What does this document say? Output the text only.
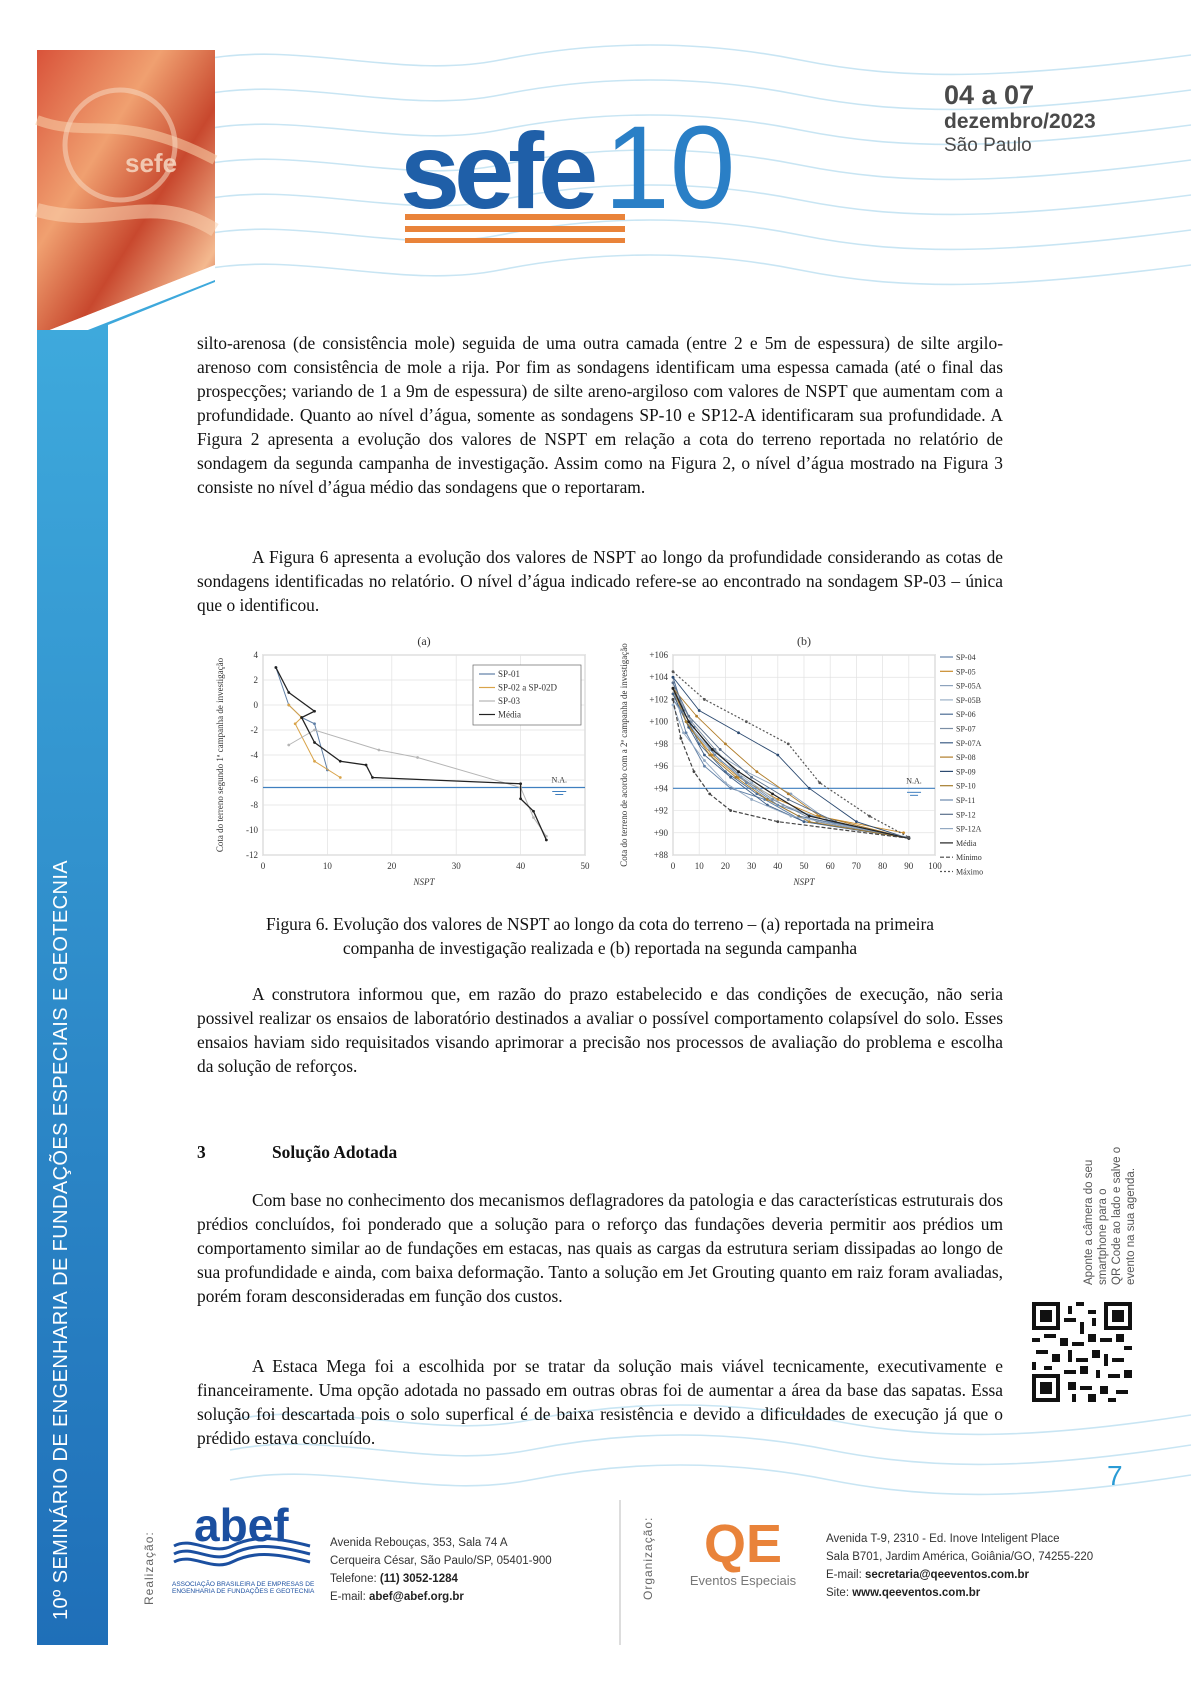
sefe sefe 10
04 a 07
dezembro/2023
São Paulo
10º SEMINÁRIO DE ENGENHARIA DE FUNDAÇÕES ESPECIAIS E GEOTECNIA

silto-arenosa (de consistência mole) seguida de uma outra camada (entre 2 e 5m de espessura) de silte argilo-arenoso com consistência de mole a rija. Por fim as sondagens identificam uma espessa camada (até o final das prospecções; variando de 1 a 9m de espessura) de silte areno-argiloso com valores de NSPT que aumentam com a profundidade. Quanto ao nível d’água, somente as sondagens SP-10 e SP12-A identificaram sua profundidade. A Figura 2 apresenta a evolução dos valores de NSPT em relação a cota do terreno reportada no relatório de sondagem da segunda campanha de investigação. Assim como na Figura 2, o nível d’água mostrado na Figura 3 consiste no nível d’água médio das sondagens que o reportaram.

A Figura 6 apresenta a evolução dos valores de NSPT ao longo da profundidade considerando as cotas de sondagens identificadas no relatório. O nível d’água indicado refere-se ao encontrado na sondagem SP-03 – única que o identificou.

4
2
0
-2
-4
-6
-8
-10
-12
0	10	20	30	40	50
N.A.
(a)
NSPT
Cota do terreno segundo 1ª campanha de investigação	SP-01
SP-02 a SP-02D
SP-03
Média
+106
+104
+102
+100
+98
+96
+94
+92
+90
+88
0 10 20 30 40 50 60 70 80 90 100
N.A.
(b)
NSPT
Cota do terreno de acordo com a 2ª campanha de investigação	SP-04
SP-05
SP-05A
SP-05B
SP-06
SP-07
SP-07A
SP-08
SP-09
SP-10
SP-11
SP-12
SP-12A
Média
Mínimo
Máximo

Figura 6. Evolução dos valores de NSPT ao longo da cota do terreno – (a) reportada na primeira

companha de investigação realizada e (b) reportada na segunda campanha

A construtora informou que, em razão do prazo estabelecido e das condições de execução, não seria possivel realizar os ensaios de laboratório destinados a avaliar o possível comportamento colapsível do solo. Esses ensaios haviam sido requisitados visando aprimorar a precisão nos processos de avaliação do problema e escolha da solução de reforços.

3	Solução Adotada

Com base no conhecimento dos mecanismos deflagradores da patologia e das características estruturais dos prédios concluídos, foi ponderado que a solução para o reforço das fundações deveria permitir aos prédios um comportamento similar ao de fundações em estacas, nas quais as cargas da estrutura seriam dissipadas ao longo de sua profundidade e ainda, com baixa deformação. Tanto a solução em Jet Grouting quanto em raiz foram avaliadas, porém foram desconsideradas em função dos custos.

A Estaca Mega foi a escolhida por se tratar da solução mais viável tecnicamente, executivamente e financeiramente. Uma opção adotada no passado em outras obras foi de aumentar a área da base das sapatas. Essa solução foi descartada pois o solo superfical é de baixa resistência e devido a dificuldades de execução já que o prédido estava concluído.

Aponte a câmera do seu smartphone para o QR Code ao lado e salve o evento na sua agenda.
7
Realização:
abef
ASSOCIAÇÃO BRASILEIRA DE EMPRESAS DE
ENGENHARIA DE FUNDAÇÕES E GEOTECNIA
Avenida Rebouças, 353, Sala 74 A
Cerqueira César, São Paulo/SP, 05401-900
Telefone: (11) 3052-1284
E-mail: abef@abef.org.br	Organização: QE
Eventos Especiais
Avenida T-9, 2310 - Ed. Inove Inteligent Place
Sala B701, Jardim América, Goiânia/GO, 74255-220
E-mail: secretaria@qeeventos.com.br
Site: www.qeeventos.com.br
